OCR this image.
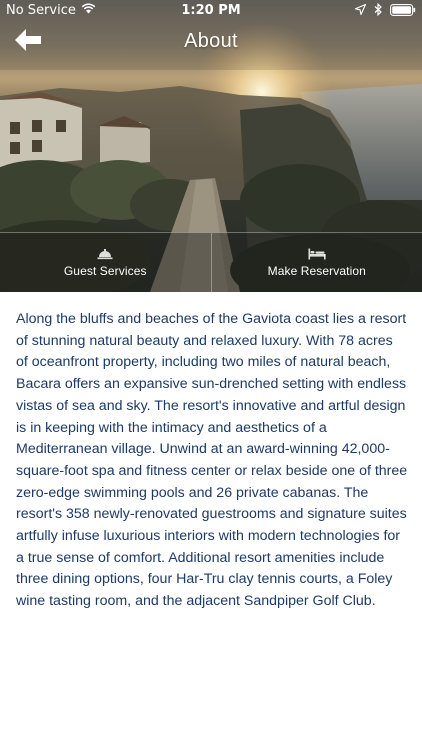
No Service	1:20 PM
About
Guest Services	Make Reservation
Along the bluffs and beaches of the Gaviota coast lies a resort of stunning natural beauty and relaxed luxury. With 78 acres of oceanfront property, including two miles of natural beach, Bacara offers an expansive sun-drenched setting with endless vistas of sea and sky. The resort's innovative and artful design is in keeping with the intimacy and aesthetics of a Mediterranean village. Unwind at an award-winning 42,000-square-foot spa and fitness center or relax beside one of three zero-edge swimming pools and 26 private cabanas. The resort's 358 newly-renovated guestrooms and signature suites artfully infuse luxurious interiors with modern technologies for a true sense of comfort. Additional resort amenities include three dining options, four Har-Tru clay tennis courts, a Foley wine tasting room, and the adjacent Sandpiper Golf Club.
